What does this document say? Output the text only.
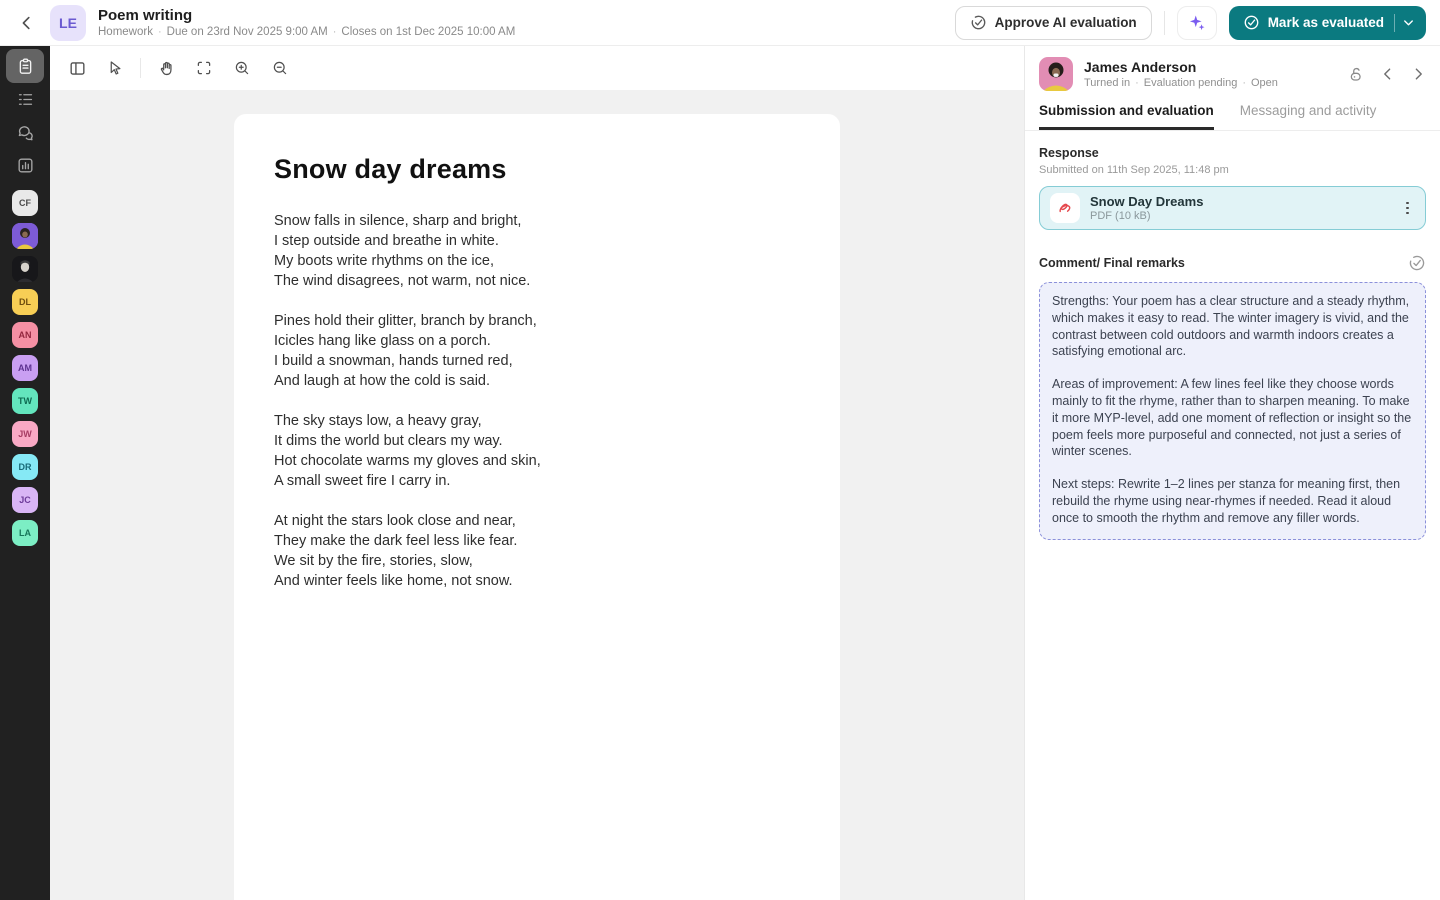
LE	Poem writing
Homework · Due on 23rd Nov 2025 9:00 AM · Closes on 1st Dec 2025 10:00 AM
Approve AI evaluation	Mark as evaluated
CF
DL
AN
AM
TW
JW
DR
JC
LA
Snow day dreams
Snow falls in silence, sharp and bright,
I step outside and breathe in white.
My boots write rhythms on the ice,
The wind disagrees, not warm, not nice.
Pines hold their glitter, branch by branch,
Icicles hang like glass on a porch.
I build a snowman, hands turned red,
And laugh at how the cold is said.
The sky stays low, a heavy gray,
It dims the world but clears my way.
Hot chocolate warms my gloves and skin,
A small sweet fire I carry in.
At night the stars look close and near,
They make the dark feel less like fear.
We sit by the fire, stories, slow,
And winter feels like home, not snow.
James Anderson
Turned in · Evaluation pending · Open
Submission and evaluation Messaging and activity
Response
Submitted on 11th Sep 2025, 11:48 pm
Snow Day Dreams
PDF (10 kB)
Comment/ Final remarks
Strengths: Your poem has a clear structure and a steady rhythm, which makes it easy to read. The winter imagery is vivid, and the contrast between cold outdoors and warmth indoors creates a satisfying emotional arc.
Areas of improvement: A few lines feel like they choose words mainly to fit the rhyme, rather than to sharpen meaning. To make it more MYP-level, add one moment of reflection or insight so the poem feels more purposeful and connected, not just a series of winter scenes.
Next steps: Rewrite 1–2 lines per stanza for meaning first, then rebuild the rhyme using near-rhymes if needed. Read it aloud once to smooth the rhythm and remove any filler words.
